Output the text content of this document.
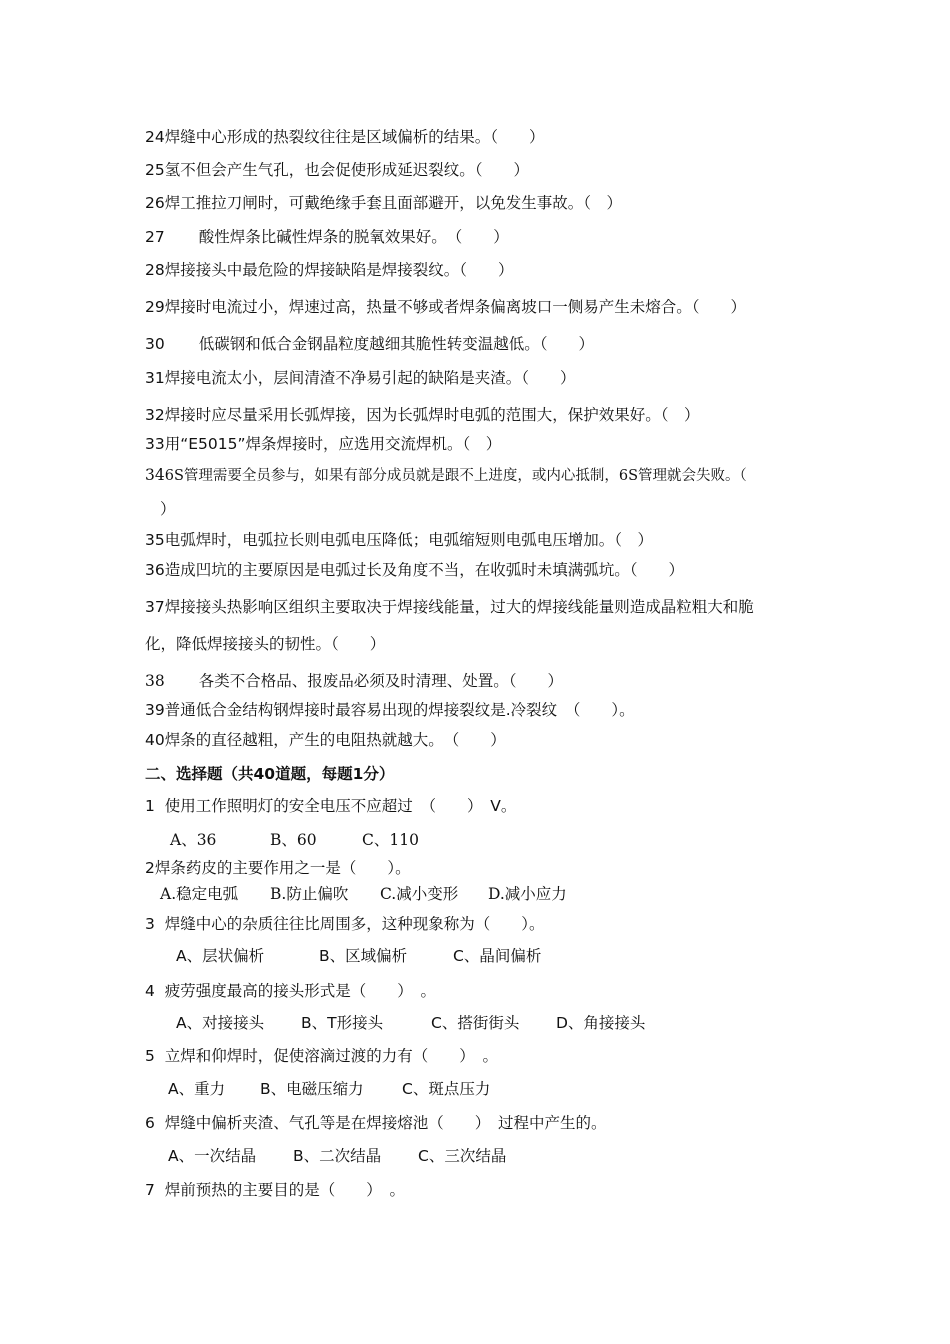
24焊缝中心形成的热裂纹往往是区域偏析的结果。（　　）
25氢不但会产生气孔，也会促使形成延迟裂纹。（　　）
26焊工推拉刀闸时，可戴绝缘手套且面部避开，以免发生事故。（　）
27 酸性焊条比碱性焊条的脱氧效果好。　（　　）
28焊接接头中最危险的焊接缺陷是焊接裂纹。（　　）
29焊接时电流过小，焊速过高，热量不够或者焊条偏离坡口一侧易产生未熔合。（　　）
30 低碳钢和低合金钢晶粒度越细其脆性转变温越低。（　　）
31焊接电流太小，层间清渣不净易引起的缺陷是夹渣。（　　）
32焊接时应尽量采用长弧焊接，因为长弧焊时电弧的范围大，保护效果好。（　）
33用“E5015”焊条焊接时，应选用交流焊机。（　）
346S管理需要全员参与，如果有部分成员就是跟不上进度，或内心抵制，6S管理就会失败。（
）
35电弧焊时，电弧拉长则电弧电压降低；电弧缩短则电弧电压增加。（　）
36造成凹坑的主要原因是电弧过长及角度不当，在收弧时未填满弧坑。（　　）
37焊接接头热影响区组织主要取决于焊接线能量，过大的焊接线能量则造成晶粒粗大和脆
化，降低焊接接头的韧性。（　　）
38 各类不合格品、报废品必须及时清理、处置。（　　）
39普通低合金结构钢焊接时最容易出现的焊接裂纹是.冷裂纹　（　　）。
40焊条的直径越粗，产生的电阻热就越大。　（　　）
二、选择题（共40道题，每题1分）
1 使用工作照明灯的安全电压不应超过　（　　）　V。
A、36	B、60	C、110
2焊条药皮的主要作用之一是（　　）。
A.稳定电弧 B.防止偏吹 C.减小变形 D.减小应力
3 焊缝中心的杂质往往比周围多，这种现象称为（　　）。
A、层状偏析	B、区域偏析	C、晶间偏析
4 疲劳强度最高的接头形式是（　　）　。
A、对接接头 B、T形接头	C、搭街街头 D、角接接头
5 立焊和仰焊时，促使溶滴过渡的力有（　　）　。
A、重力 B、电磁压缩力 C、斑点压力
6 焊缝中偏析夹渣、气孔等是在焊接熔池（　　）　过程中产生的。
A、一次结晶 B、二次结晶 C、三次结晶
7 焊前预热的主要目的是（　　）　。
